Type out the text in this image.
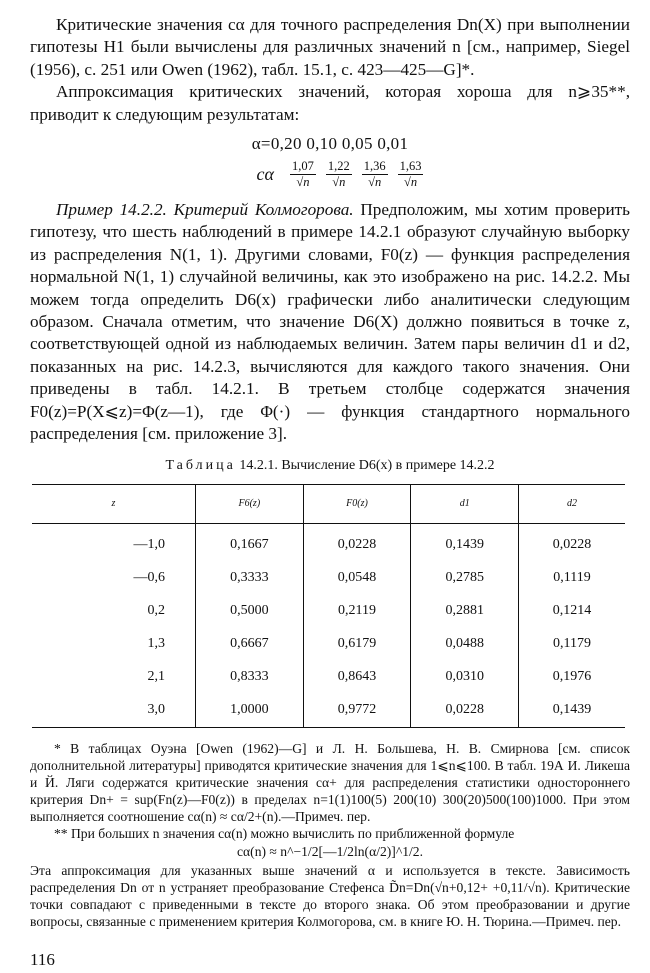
Критические значения cα для точного распределения Dn(X) при выполнении гипотезы H1 были вычислены для различных значений n [см., например, Siegel (1956), с. 251 или Owen (1962), табл. 15.1, с. 423—425—G]*.

Аппроксимация критических значений, которая хороша для n⩾35**, приводит к следующим результатам:

α=0,20 0,10 0,05 0,01

cα $\frac{1,07}{√n} \frac{1,22}{√n} \frac{1,36}{√n} \frac{1,63}{√n}$

Пример 14.2.2. Критерий Колмогорова. Предположим, мы хотим проверить гипотезу, что шесть наблюдений в примере 14.2.1 образуют случайную выборку из распределения N(1, 1). Другими словами, F0(z) — функция распределения нормальной N(1, 1) случайной величины, как это изображено на рис. 14.2.2. Мы можем тогда определить D6(x) графически либо аналитически следующим образом. Сначала отметим, что значение D6(X) должно появиться в точке z, соответствующей одной из наблюдаемых величин. Затем пары величин d1 и d2, показанных на рис. 14.2.3, вычисляются для каждого такого значения. Они приведены в табл. 14.2.1. В третьем столбце содержатся значения F0(z)=P(X⩽z)=Φ(z—1), где Φ(·) — функция стандартного нормального распределения [см. приложение 3].

Таблица 14.2.1. Вычисление D6(x) в примере 14.2.2
z	F6(z)	F0(z)	d1	d2
—1,0	0,1667	0,0228	0,1439	0,0228
—0,6	0,3333	0,0548	0,2785	0,1119
0,2	0,5000	0,2119	0,2881	0,1214
1,3	0,6667	0,6179	0,0488	0,1179
2,1	0,8333	0,8643	0,0310	0,1976
3,0	1,0000	0,9772	0,0228	0,1439

* В таблицах Оуэна [Owen (1962)—G] и Л. Н. Большева, Н. В. Смирнова [см. список дополнительной литературы] приводятся критические значения для 1⩽n⩽100. В табл. 19А И. Ликеша и Й. Ляги содержатся критические значения cα+ для распределения статистики одностороннего критерия Dn+ = sup(Fn(z)—F0(z)) в пределах n=1(1)100(5) 200(10) 300(20)500(100)1000. При этом выполняется соотношение cα(n) ≈ cα/2+(n).—Примеч. пер.

** При больших n значения cα(n) можно вычислить по приближенной формуле

cα(n) ≈ n^−1/2[—1/2ln(α/2)]^1/2.

Эта аппроксимация для указанных выше значений α и используется в тексте. Зависимость распределения Dn от n устраняет преобразование Стефенса D̃n=Dn(√n+0,12+ +0,11/√n). Критические точки совпадают с приведенными в тексте до второго знака. Об этом преобразовании и другие вопросы, связанные с применением критерия Колмогорова, см. в книге Ю. Н. Тюрина.—Примеч. пер.

116
